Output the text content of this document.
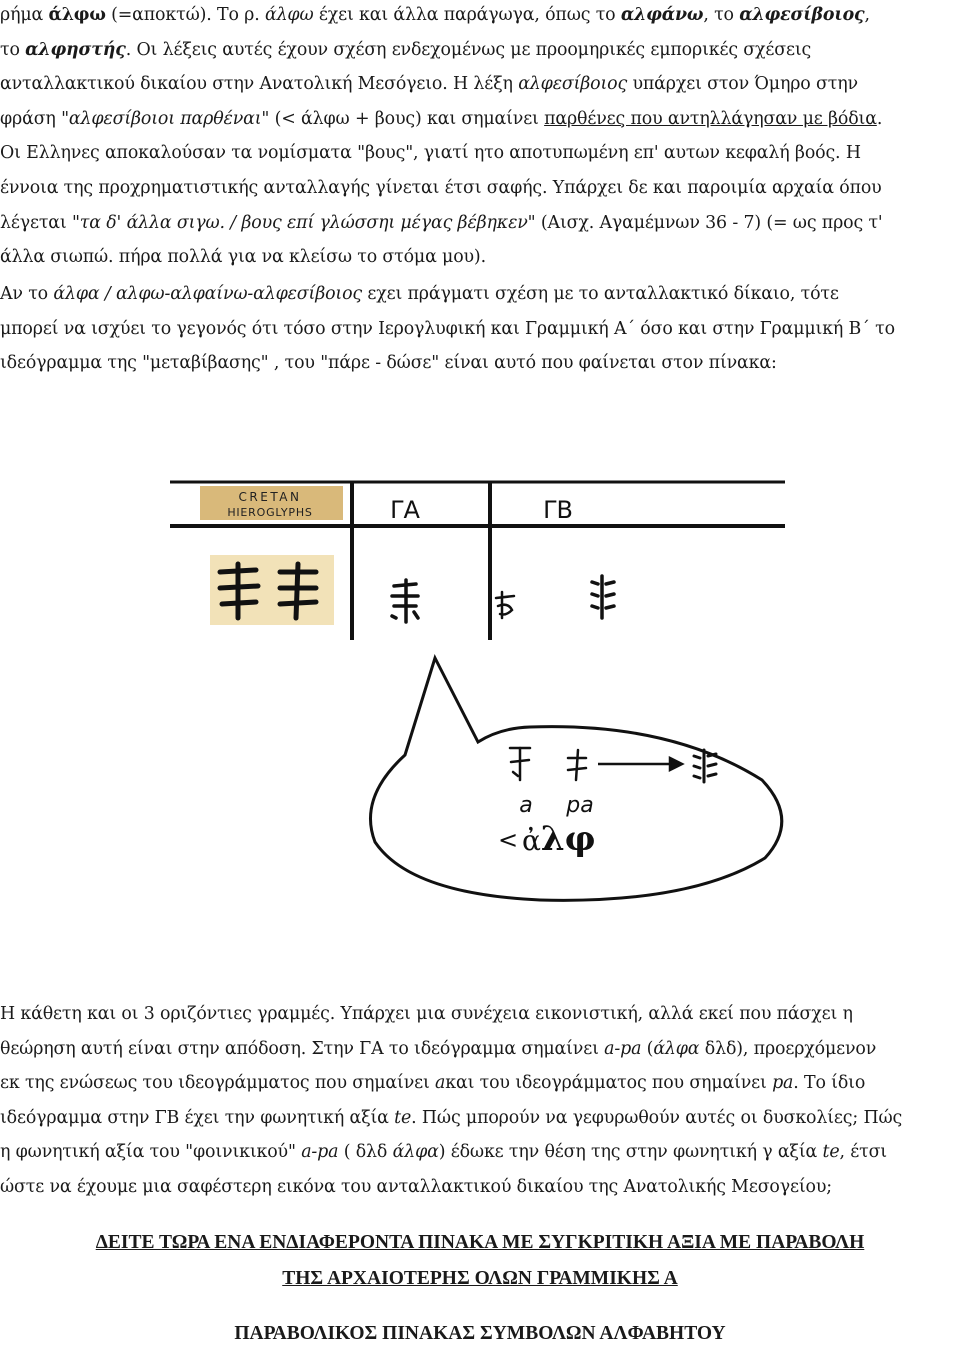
ρήμα άλφω (=αποκτώ). Το ρ. άλφω έχει και άλλα παράγωγα, όπως το αλφάνω, το αλφεσίβοιος,
το αλφηστής. Οι λέξεις αυτές έχουν σχέση ενδεχομένως με προομηρικές εμπορικές σχέσεις
ανταλλακτικού δικαίου στην Ανατολική Μεσόγειο. Η λέξη αλφεσίβοιος υπάρχει στον Όμηρο στην
φράση "αλφεσίβοιοι παρθέναι" (< άλφω + βους) και σημαίνει παρθένες που αντηλλάγησαν με βόδια.
Οι Ελληνες αποκαλούσαν τα νομίσματα "βους", γιατί ητο αποτυπωμένη επ' αυτων κεφαλή βοός. Η
έννοια της προχρηματιστικής ανταλλαγής γίνεται έτσι σαφής. Υπάρχει δε και παροιμία αρχαία όπου
λέγεται "τα δ' άλλα σιγω. / βους επί γλώσσηι μέγας βέβηκεν" (Αισχ. Αγαμέμνων 36 - 7) (= ως προς τ'
άλλα σιωπώ. πήρα πολλά για να κλείσω το στόμα μου).
Αν το άλφα / αλφω-αλφαίνω-αλφεσίβοιος εχει πράγματι σχέση με το ανταλλακτικό δίκαιο, τότε
μπορεί να ισχύει το γεγονός ότι τόσο στην Ιερογλυφική και Γραμμική Α΄ όσο και στην Γραμμική Β΄ το
ιδεόγραμμα της "μεταβίβασης" , του "πάρε - δώσε" είναι αυτό που φαίνεται στον πίνακα:
CRETAN
HIEROGLYPHS	ΓΑ	ΓΒ
a pa
< ἀλφ
Η κάθετη και οι 3 οριζόντιες γραμμές. Υπάρχει μια συνέχεια εικονιστική, αλλά εκεί που πάσχει η
θεώρηση αυτή είναι στην απόδοση. Στην ΓΑ το ιδεόγραμμα σημαίνει a-pa (άλφα δλδ), προερχόμενον
εκ της ενώσεως του ιδεογράμματος που σημαίνει aκαι του ιδεογράμματος που σημαίνει pa. Το ίδιο
ιδεόγραμμα στην ΓΒ έχει την φωνητική αξία te. Πώς μπορούν να γεφυρωθούν αυτές οι δυσκολίες; Πώς
η φωνητική αξία του "φοινικικού" a-pa ( δλδ άλφα) έδωκε την θέση της στην φωνητική γ αξία te, έτσι
ώστε να έχουμε μια σαφέστερη εικόνα του ανταλλακτικού δικαίου της Ανατολικής Μεσογείου;
ΔΕΙΤΕ ΤΩΡΑ ΕΝΑ ΕΝΔΙΑΦΕΡΟΝΤΑ ΠΙΝΑΚΑ ΜΕ ΣΥΓΚΡΙΤΙΚΗ ΑΞΙΑ ΜΕ ΠΑΡΑΒΟΛΗ
ΤΗΣ ΑΡΧΑΙΟΤΕΡΗΣ ΟΛΩΝ ΓΡΑΜΜΙΚΗΣ Α
ΠΑΡΑΒΟΛΙΚΟΣ ΠΙΝΑΚΑΣ ΣΥΜΒΟΛΩΝ ΑΛΦΑΒΗΤΟΥ
